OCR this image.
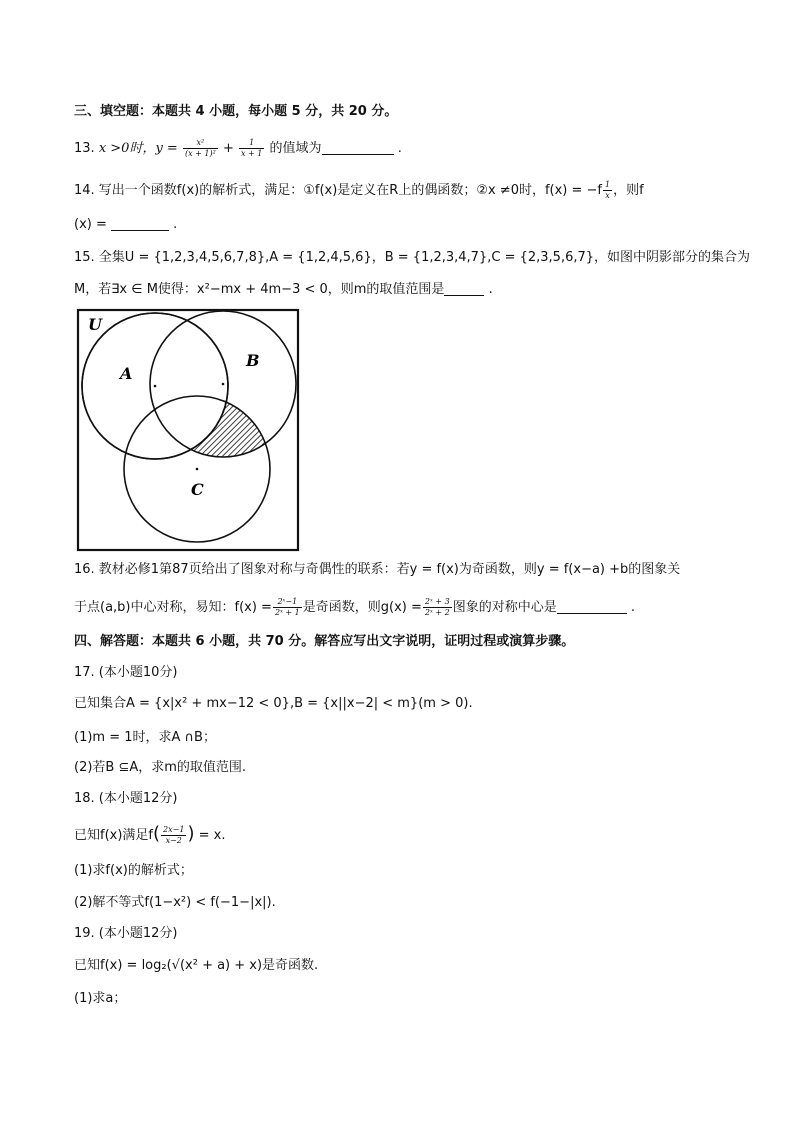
三、填空题：本题共 4 小题，每小题 5 分，共 20 分。
13. x >0时，$y = \frac{\text{x²}}{\text{(x + 1)²}} + \frac{1}{x + 1}$ 的值域为	.
14. 写出一个函数f(x)的解析式，满足：①f(x)是定义在R上的偶函数；②x ≠0时，$f(x) = -f \frac{1}{x}$ ，则f
(x) =	.
15. 全集U = {1,2,3,4,5,6,7,8},A = {1,2,4,5,6}，B = {1,2,3,4,7},C = {2,3,5,6,7}，如图中阴影部分的集合为
M，若∃x ∈ M使得：x²−mx + 4m−3 < 0，则m的取值范围是	.
U
A
B
C
16. 教材必修1第87页给出了图象对称与奇偶性的联系：若y = f(x)为奇函数，则y = f(x−a) +b的图象关
于点(a,b)中心对称，易知：$f(x) = \frac{\text{2ˣ−1}}{\text{2ˣ + 1}}$ 是奇函数，则$g(x) = \frac{\text{2ˣ + 3}}{\text{2ˣ + 2}}$ 图象的对称中心是	.
四、解答题：本题共 6 小题，共 70 分。解答应写出文字说明，证明过程或演算步骤。
17. (本小题10分)
已知集合A = {x|x² + mx−12 < 0},B = {x||x−2| < m}(m > 0).
(1)m = 1时，求A ∩B；
(2)若B ⊆A，求m的取值范围.
18. (本小题12分)
已知f(x)满足$f( \frac{2x-1}{x-2}$ ) = x.
(1)求f(x)的解析式；
(2)解不等式f(1−x²) < f(−1−|x|).
19. (本小题12分)
已知f(x) = log₂(√(x² + a) + x)是奇函数.
(1)求a；
